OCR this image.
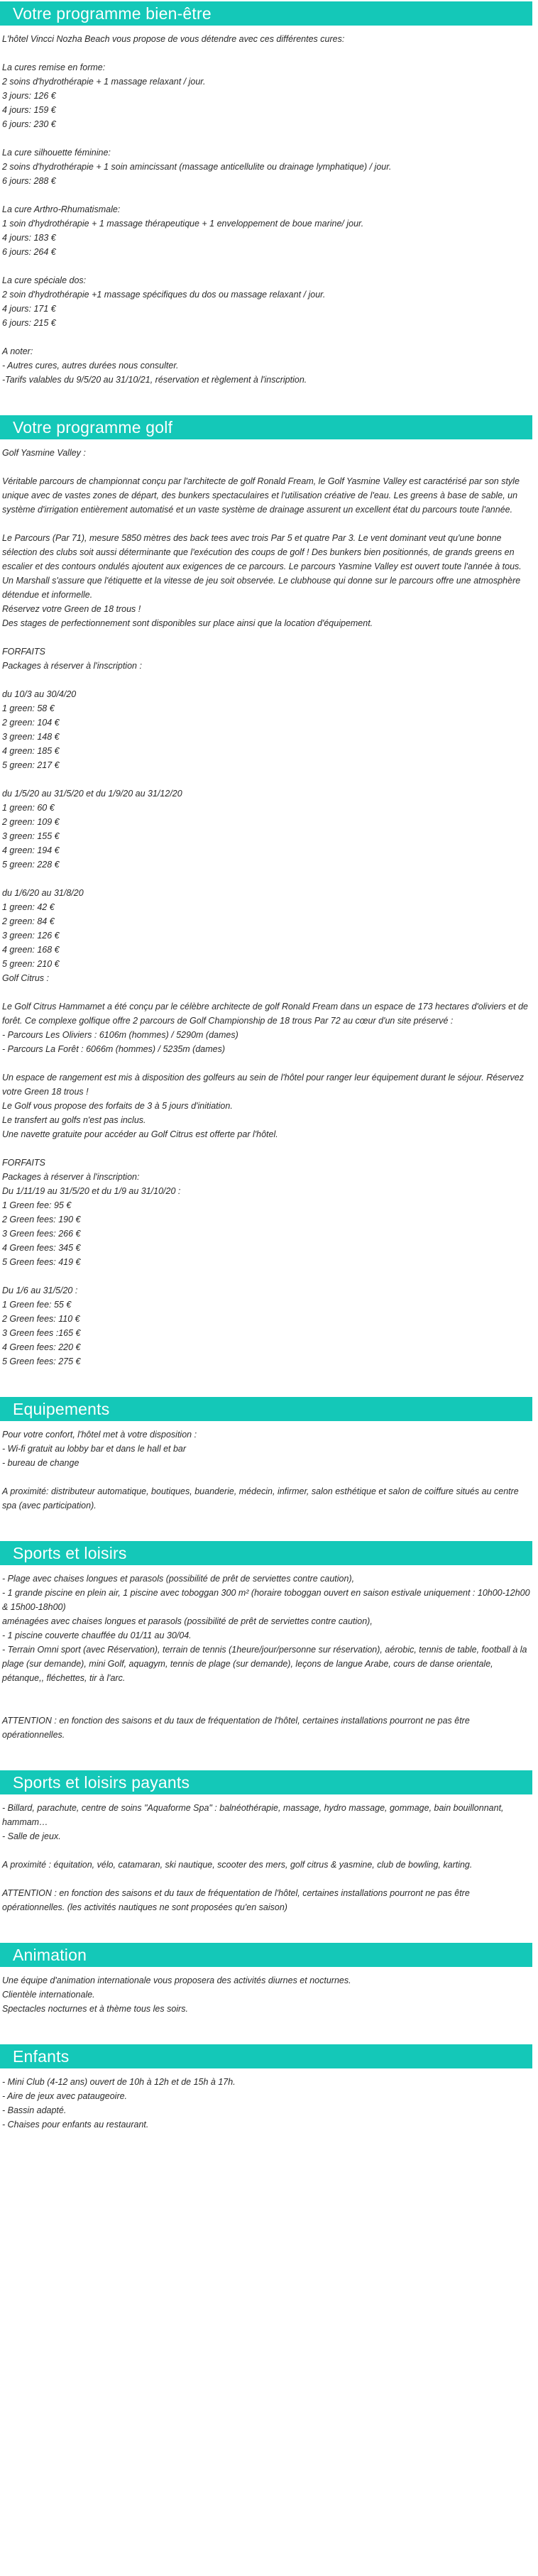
Votre programme bien-être
L'hôtel Vincci Nozha Beach vous propose de vous détendre avec ces différentes cures:
La cures remise en forme:
2 soins d'hydrothérapie + 1 massage relaxant / jour.
3 jours: 126 €
4 jours: 159 €
6 jours: 230 €
La cure silhouette féminine:
2 soins d'hydrothérapie + 1 soin amincissant (massage anticellulite ou drainage lymphatique) / jour.
6 jours: 288 €
La cure Arthro-Rhumatismale:
1 soin d'hydrothérapie + 1 massage thérapeutique + 1 enveloppement de boue marine/ jour.
4 jours: 183 €
6 jours: 264 €
La cure spéciale dos:
2 soin d'hydrothérapie +1 massage spécifiques du dos ou massage relaxant / jour.
4 jours: 171 €
6 jours: 215 €
A noter:
- Autres cures, autres durées nous consulter.
-Tarifs valables du 9/5/20 au 31/10/21, réservation et règlement à l'inscription.
Votre programme golf
Golf Yasmine Valley :
Véritable parcours de championnat conçu par l'architecte de golf Ronald Fream, le Golf Yasmine Valley est caractérisé par son style unique avec de vastes zones de départ, des bunkers spectaculaires et l'utilisation créative de l'eau. Les greens à base de sable, un système d'irrigation entièrement automatisé et un vaste système de drainage assurent un excellent état du parcours toute l'année.
Le Parcours (Par 71), mesure 5850 mètres des back tees avec trois Par 5 et quatre Par 3. Le vent dominant veut qu'une bonne sélection des clubs soit aussi déterminante que l'exécution des coups de golf ! Des bunkers bien positionnés, de grands greens en escalier et des contours ondulés ajoutent aux exigences de ce parcours. Le parcours Yasmine Valley est ouvert toute l'année à tous. Un Marshall s'assure que l'étiquette et la vitesse de jeu soit observée. Le clubhouse qui donne sur le parcours offre une atmosphère détendue et informelle.
Réservez votre Green de 18 trous !
Des stages de perfectionnement sont disponibles sur place ainsi que la location d'équipement.
FORFAITS
Packages à réserver à l'inscription :
du 10/3 au 30/4/20
1 green: 58 €
2 green: 104 €
3 green: 148 €
4 green: 185 €
5 green: 217 €
du 1/5/20 au 31/5/20 et du 1/9/20 au 31/12/20
1 green: 60 €
2 green: 109 €
3 green: 155 €
4 green: 194 €
5 green: 228 €
du 1/6/20 au 31/8/20
1 green: 42 €
2 green: 84 €
3 green: 126 €
4 green: 168 €
5 green: 210 €
Golf Citrus :
Le Golf Citrus Hammamet a été conçu par le célèbre architecte de golf Ronald Fream dans un espace de 173 hectares d'oliviers et de forêt. Ce complexe golfique offre 2 parcours de Golf Championship de 18 trous Par 72 au cœur d'un site préservé :
- Parcours Les Oliviers : 6106m (hommes) / 5290m (dames)
- Parcours La Forêt : 6066m (hommes) / 5235m (dames)
Un espace de rangement est mis à disposition des golfeurs au sein de l'hôtel pour ranger leur équipement durant le séjour. Réservez votre Green 18 trous !
Le Golf vous propose des forfaits de 3 à 5 jours d'initiation.
Le transfert au golfs n'est pas inclus.
Une navette gratuite pour accéder au Golf Citrus est offerte par l'hôtel.
FORFAITS
Packages à réserver à l'inscription:
Du 1/11/19 au 31/5/20 et du 1/9 au 31/10/20 :
1 Green fee: 95 €
2 Green fees: 190 €
3 Green fees: 266 €
4 Green fees: 345 €
5 Green fees: 419 €
Du 1/6 au 31/5/20 :
1 Green fee: 55 €
2 Green fees: 110 €
3 Green fees :165 €
4 Green fees: 220 €
5 Green fees: 275 €
Equipements
Pour votre confort, l'hôtel met à votre disposition :
- Wi-fi gratuit au lobby bar et dans le hall et bar
- bureau de change
A proximité: distributeur automatique, boutiques, buanderie, médecin, infirmer, salon esthétique et salon de coiffure situés au centre spa (avec participation).
Sports et loisirs
- Plage avec chaises longues et parasols (possibilité de prêt de serviettes contre caution),
- 1 grande piscine en plein air, 1 piscine avec toboggan 300 m² (horaire toboggan ouvert en saison estivale uniquement : 10h00-12h00 & 15h00-18h00)
aménagées avec chaises longues et parasols (possibilité de prêt de serviettes contre caution),
- 1 piscine couverte chauffée du 01/11 au 30/04.
- Terrain Omni sport (avec Réservation), terrain de tennis (1heure/jour/personne sur réservation), aérobic, tennis de table, football à la plage (sur demande), mini Golf, aquagym, tennis de plage (sur demande), leçons de langue Arabe, cours de danse orientale, pétanque,, fléchettes, tir à l'arc.
ATTENTION : en fonction des saisons et du taux de fréquentation de l'hôtel, certaines installations pourront ne pas être opérationnelles.
Sports et loisirs payants
- Billard, parachute, centre de soins "Aquaforme Spa" : balnéothérapie, massage, hydro massage, gommage, bain bouillonnant, hammam…
- Salle de jeux.
A proximité : équitation, vélo, catamaran, ski nautique, scooter des mers, golf citrus & yasmine, club de bowling, karting.
ATTENTION : en fonction des saisons et du taux de fréquentation de l'hôtel, certaines installations pourront ne pas être opérationnelles. (les activités nautiques ne sont proposées qu'en saison)
Animation
Une équipe d'animation internationale vous proposera des activités diurnes et nocturnes.
Clientèle internationale.
Spectacles nocturnes et à thème tous les soirs.
Enfants
- Mini Club (4-12 ans) ouvert de 10h à 12h et de 15h à 17h.
- Aire de jeux avec pataugeoire.
- Bassin adapté.
- Chaises pour enfants au restaurant.
